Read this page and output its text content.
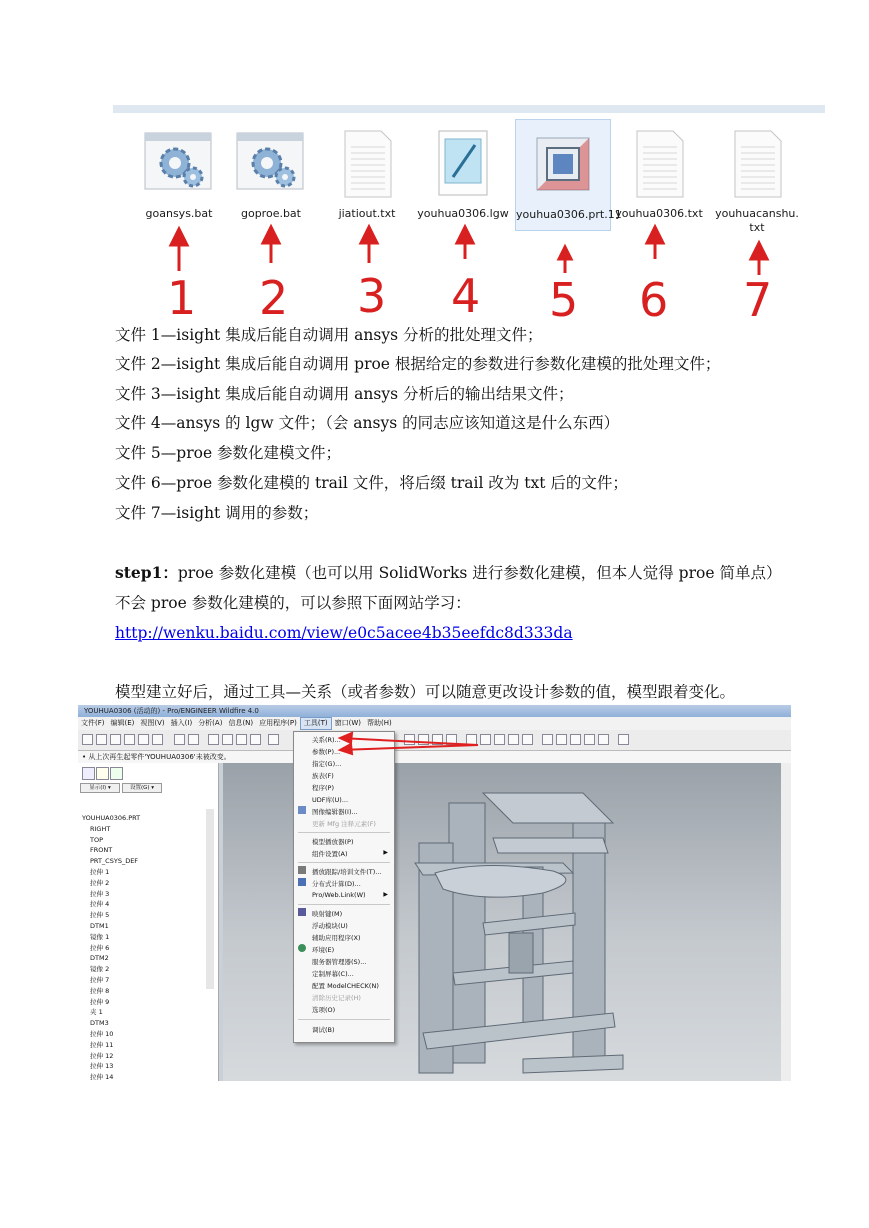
goansys.bat	goproe.bat	jiatiout.txt	youhua0306.lgw youhua0306.prt.11
youhua0306.txt	youhuacanshu.txt
1 2 3 4 5 6 7
文件 1—isight 集成后能自动调用 ansys 分析的批处理文件；
文件 2—isight 集成后能自动调用 proe 根据给定的参数进行参数化建模的批处理文件；
文件 3—isight 集成后能自动调用 ansys 分析后的输出结果文件；
文件 4—ansys 的 lgw 文件；（会 ansys 的同志应该知道这是什么东西）
文件 5—proe 参数化建模文件；
文件 6—proe 参数化建模的 trail 文件，将后缀 trail 改为 txt 后的文件；
文件 7—isight 调用的参数；
step1：proe 参数化建模（也可以用 SolidWorks 进行参数化建模，但本人觉得 proe 简单点）
不会 proe 参数化建模的，可以参照下面网站学习：
http://wenku.baidu.com/view/e0c5acee4b35eefdc8d333da
模型建立好后，通过工具—关系（或者参数）可以随意更改设计参数的值，模型跟着变化。
YOUHUA0306 (活动的) - Pro/ENGINEER Wildfire 4.0
文件(F) 编辑(E) 视图(V) 插入(I) 分析(A) 信息(N) 应用程序(P) 工具(T) 窗口(W) 帮助(H)
• 从上次再生起零件'YOUHUA0306'未被改变。
显示(I) ▾	设置(G) ▾
YOUHUA0306.PRT
RIGHT
TOP
FRONT
PRT_CSYS_DEF
拉伸 1
拉伸 2
拉伸 3
拉伸 4
拉伸 5
DTM1
镜像 1
拉伸 6
DTM2
镜像 2
拉伸 7
拉伸 8
拉伸 9
夹 1
DTM3
拉伸 10
拉伸 11
拉伸 12
拉伸 13
拉伸 14
关系(R)...
参数(P)...
指定(G)...
族表(F)
程序(P)
UDF库(U)...
图像编辑器(I)...
更新 Mfg 注释元素(F)
模型播放器(P)
组件设置(A)	▶
播放跟踪/培训文件(T)...
分布式计算(D)...
Pro/Web.Link(W)	▶
映射键(M)
浮动模块(U)
辅助应用程序(X)
环境(E)
服务器管理器(S)...
定制屏幕(C)...
配置 ModelCHECK(N)
清除历史记录(H)
选项(O)
调试(B)
